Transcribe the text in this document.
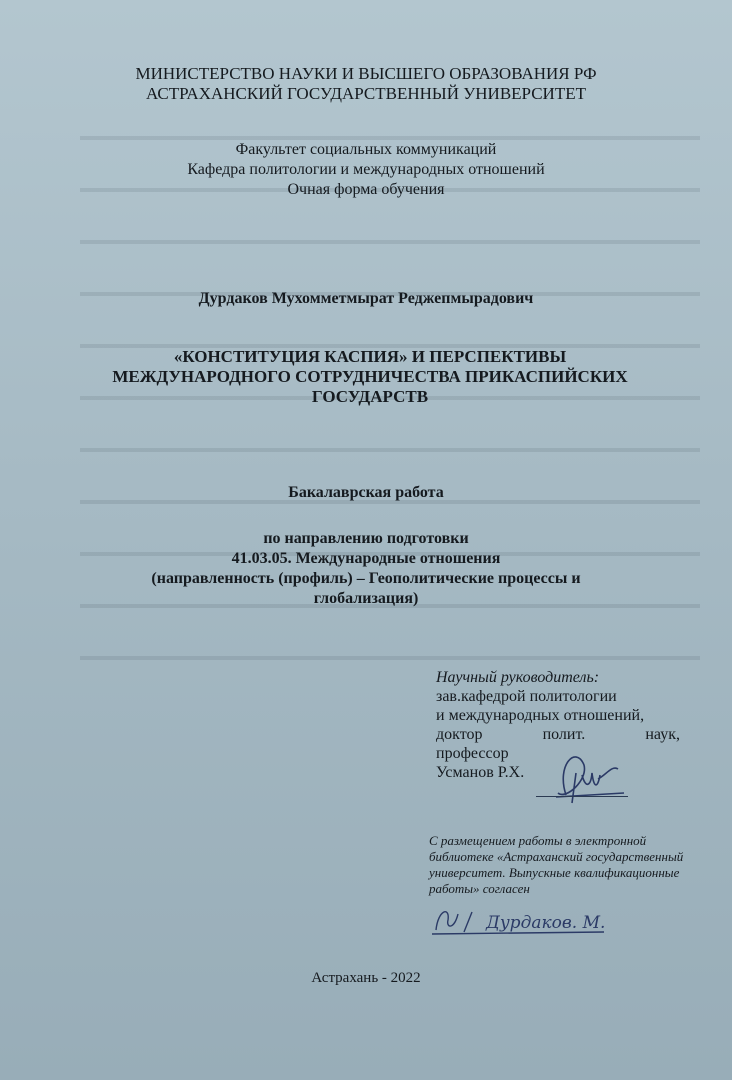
МИНИСТЕРСТВО НАУКИ И ВЫСШЕГО ОБРАЗОВАНИЯ РФ
АСТРАХАНСКИЙ ГОСУДАРСТВЕННЫЙ УНИВЕРСИТЕТ
Факультет социальных коммуникаций
Кафедра политологии и международных отношений
Очная форма обучения
Дурдаков Мухомметмырат Реджепмырадович
«КОНСТИТУЦИЯ КАСПИЯ» И ПЕРСПЕКТИВЫ МЕЖДУНАРОДНОГО СОТРУДНИЧЕСТВА ПРИКАСПИЙСКИХ ГОСУДАРСТВ
Бакалаврская работа
по направлению подготовки
41.03.05. Международные отношения
(направленность (профиль) – Геополитические процессы и глобализация)
Научный руководитель:
зав.кафедрой политологии
и международных отношений,
доктор	полит.	наук,
профессор
Усманов Р.Х.
С размещением работы в электронной библиотеке «Астраханский государственный университет. Выпускные квалификационные работы» согласен
Дурдаков. М.
Астрахань - 2022
